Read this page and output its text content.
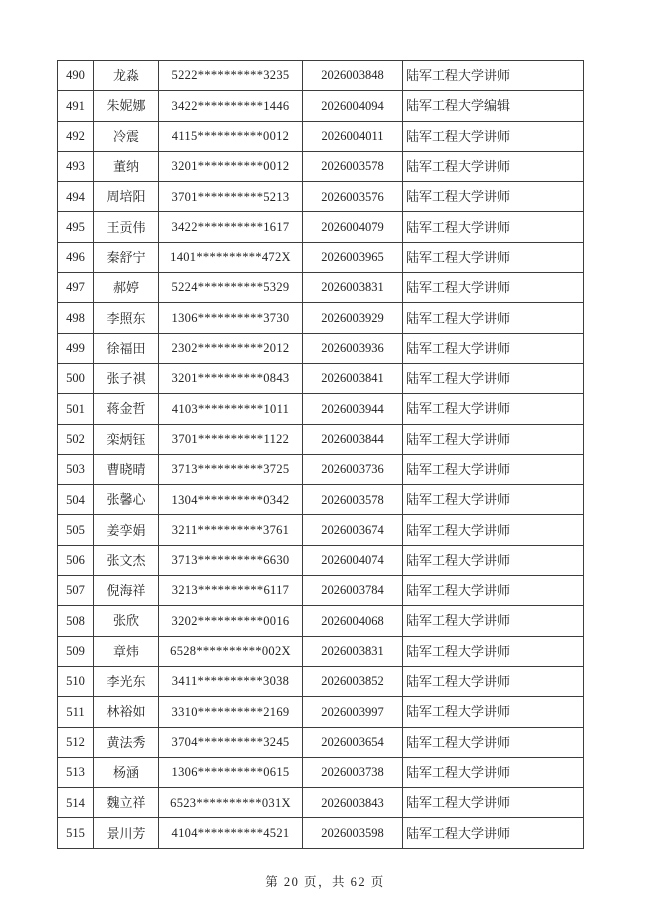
490	龙淼	5222**********3235	2026003848	陆军工程大学讲师
491	朱妮娜	3422**********1446	2026004094	陆军工程大学编辑
492	冷震	4115**********0012	2026004011	陆军工程大学讲师
493	董纳	3201**********0012	2026003578	陆军工程大学讲师
494	周培阳	3701**********5213	2026003576	陆军工程大学讲师
495	王贡伟	3422**********1617	2026004079	陆军工程大学讲师
496	秦舒宁	1401**********472X	2026003965	陆军工程大学讲师
497	郝婷	5224**********5329	2026003831	陆军工程大学讲师
498	李照东	1306**********3730	2026003929	陆军工程大学讲师
499	徐福田	2302**********2012	2026003936	陆军工程大学讲师
500	张子祺	3201**********0843	2026003841	陆军工程大学讲师
501	蒋金哲	4103**********1011	2026003944	陆军工程大学讲师
502	栾炳钰	3701**********1122	2026003844	陆军工程大学讲师
503	曹晓晴	3713**********3725	2026003736	陆军工程大学讲师
504	张馨心	1304**********0342	2026003578	陆军工程大学讲师
505	姜孪娟	3211**********3761	2026003674	陆军工程大学讲师
506	张文杰	3713**********6630	2026004074	陆军工程大学讲师
507	倪海祥	3213**********6117	2026003784	陆军工程大学讲师
508	张欣	3202**********0016	2026004068	陆军工程大学讲师
509	章炜	6528**********002X	2026003831	陆军工程大学讲师
510	李光东	3411**********3038	2026003852	陆军工程大学讲师
511	林裕如	3310**********2169	2026003997	陆军工程大学讲师
512	黄法秀	3704**********3245	2026003654	陆军工程大学讲师
513	杨涵	1306**********0615	2026003738	陆军工程大学讲师
514	魏立祥	6523**********031X	2026003843	陆军工程大学讲师
515	景川芳	4104**********4521	2026003598	陆军工程大学讲师
第 20 页，共 62 页
